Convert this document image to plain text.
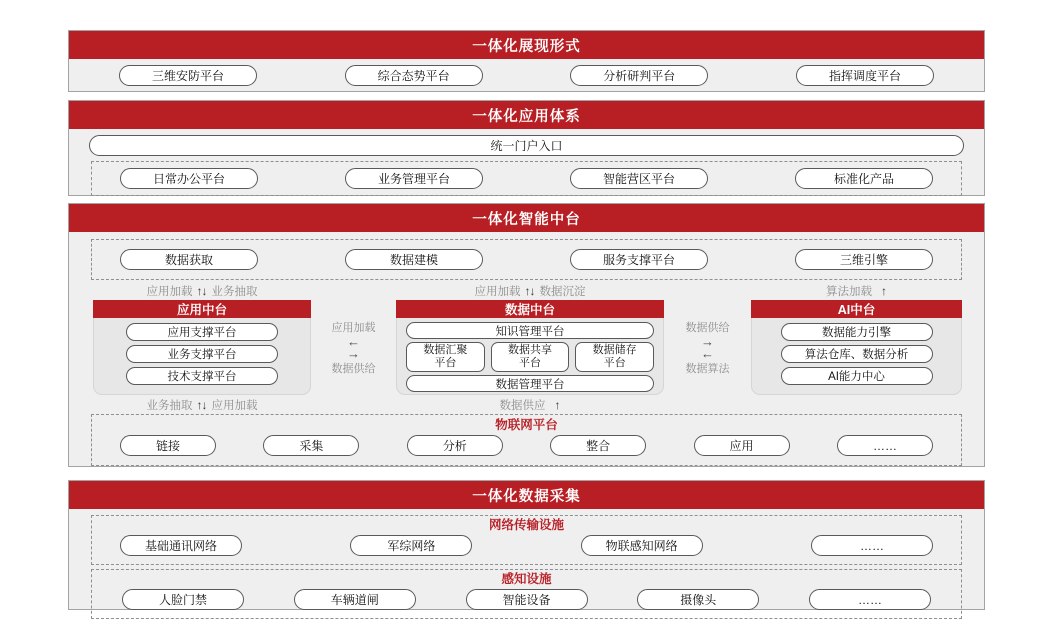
一体化展现形式
三维安防平台	综合态势平台	分析研判平台	指挥调度平台
一体化应用体系
统一门户入口
日常办公平台	业务管理平台	智能营区平台	标准化产品
一体化智能中台
数据获取	数据建模	服务支撑平台	三维引擎
应用加载 ↑ ↓ 业务抽取	应用加载 ↑ ↓ 数据沉淀	算法加载 ↑
应用中台
应用支撑平台
业务支撑平台
技术支撑平台
应用加载
←
→
数据供给
数据中台
知识管理平台
数据汇聚
平台
数据共享
平台
数据储存
平台
数据管理平台
数据供给
→
←
数据算法
AI中台
数据能力引擎
算法仓库、数据分析
AI能力中心
业务抽取 ↑ ↓ 应用加载	数据供应 ↑
物联网平台
链接	采集	分析	整合	应用	……
一体化数据采集
网络传输设施
基础通讯网络	军综网络	物联感知网络	……
感知设施
人脸门禁	车辆道闸	智能设备	摄像头	……
